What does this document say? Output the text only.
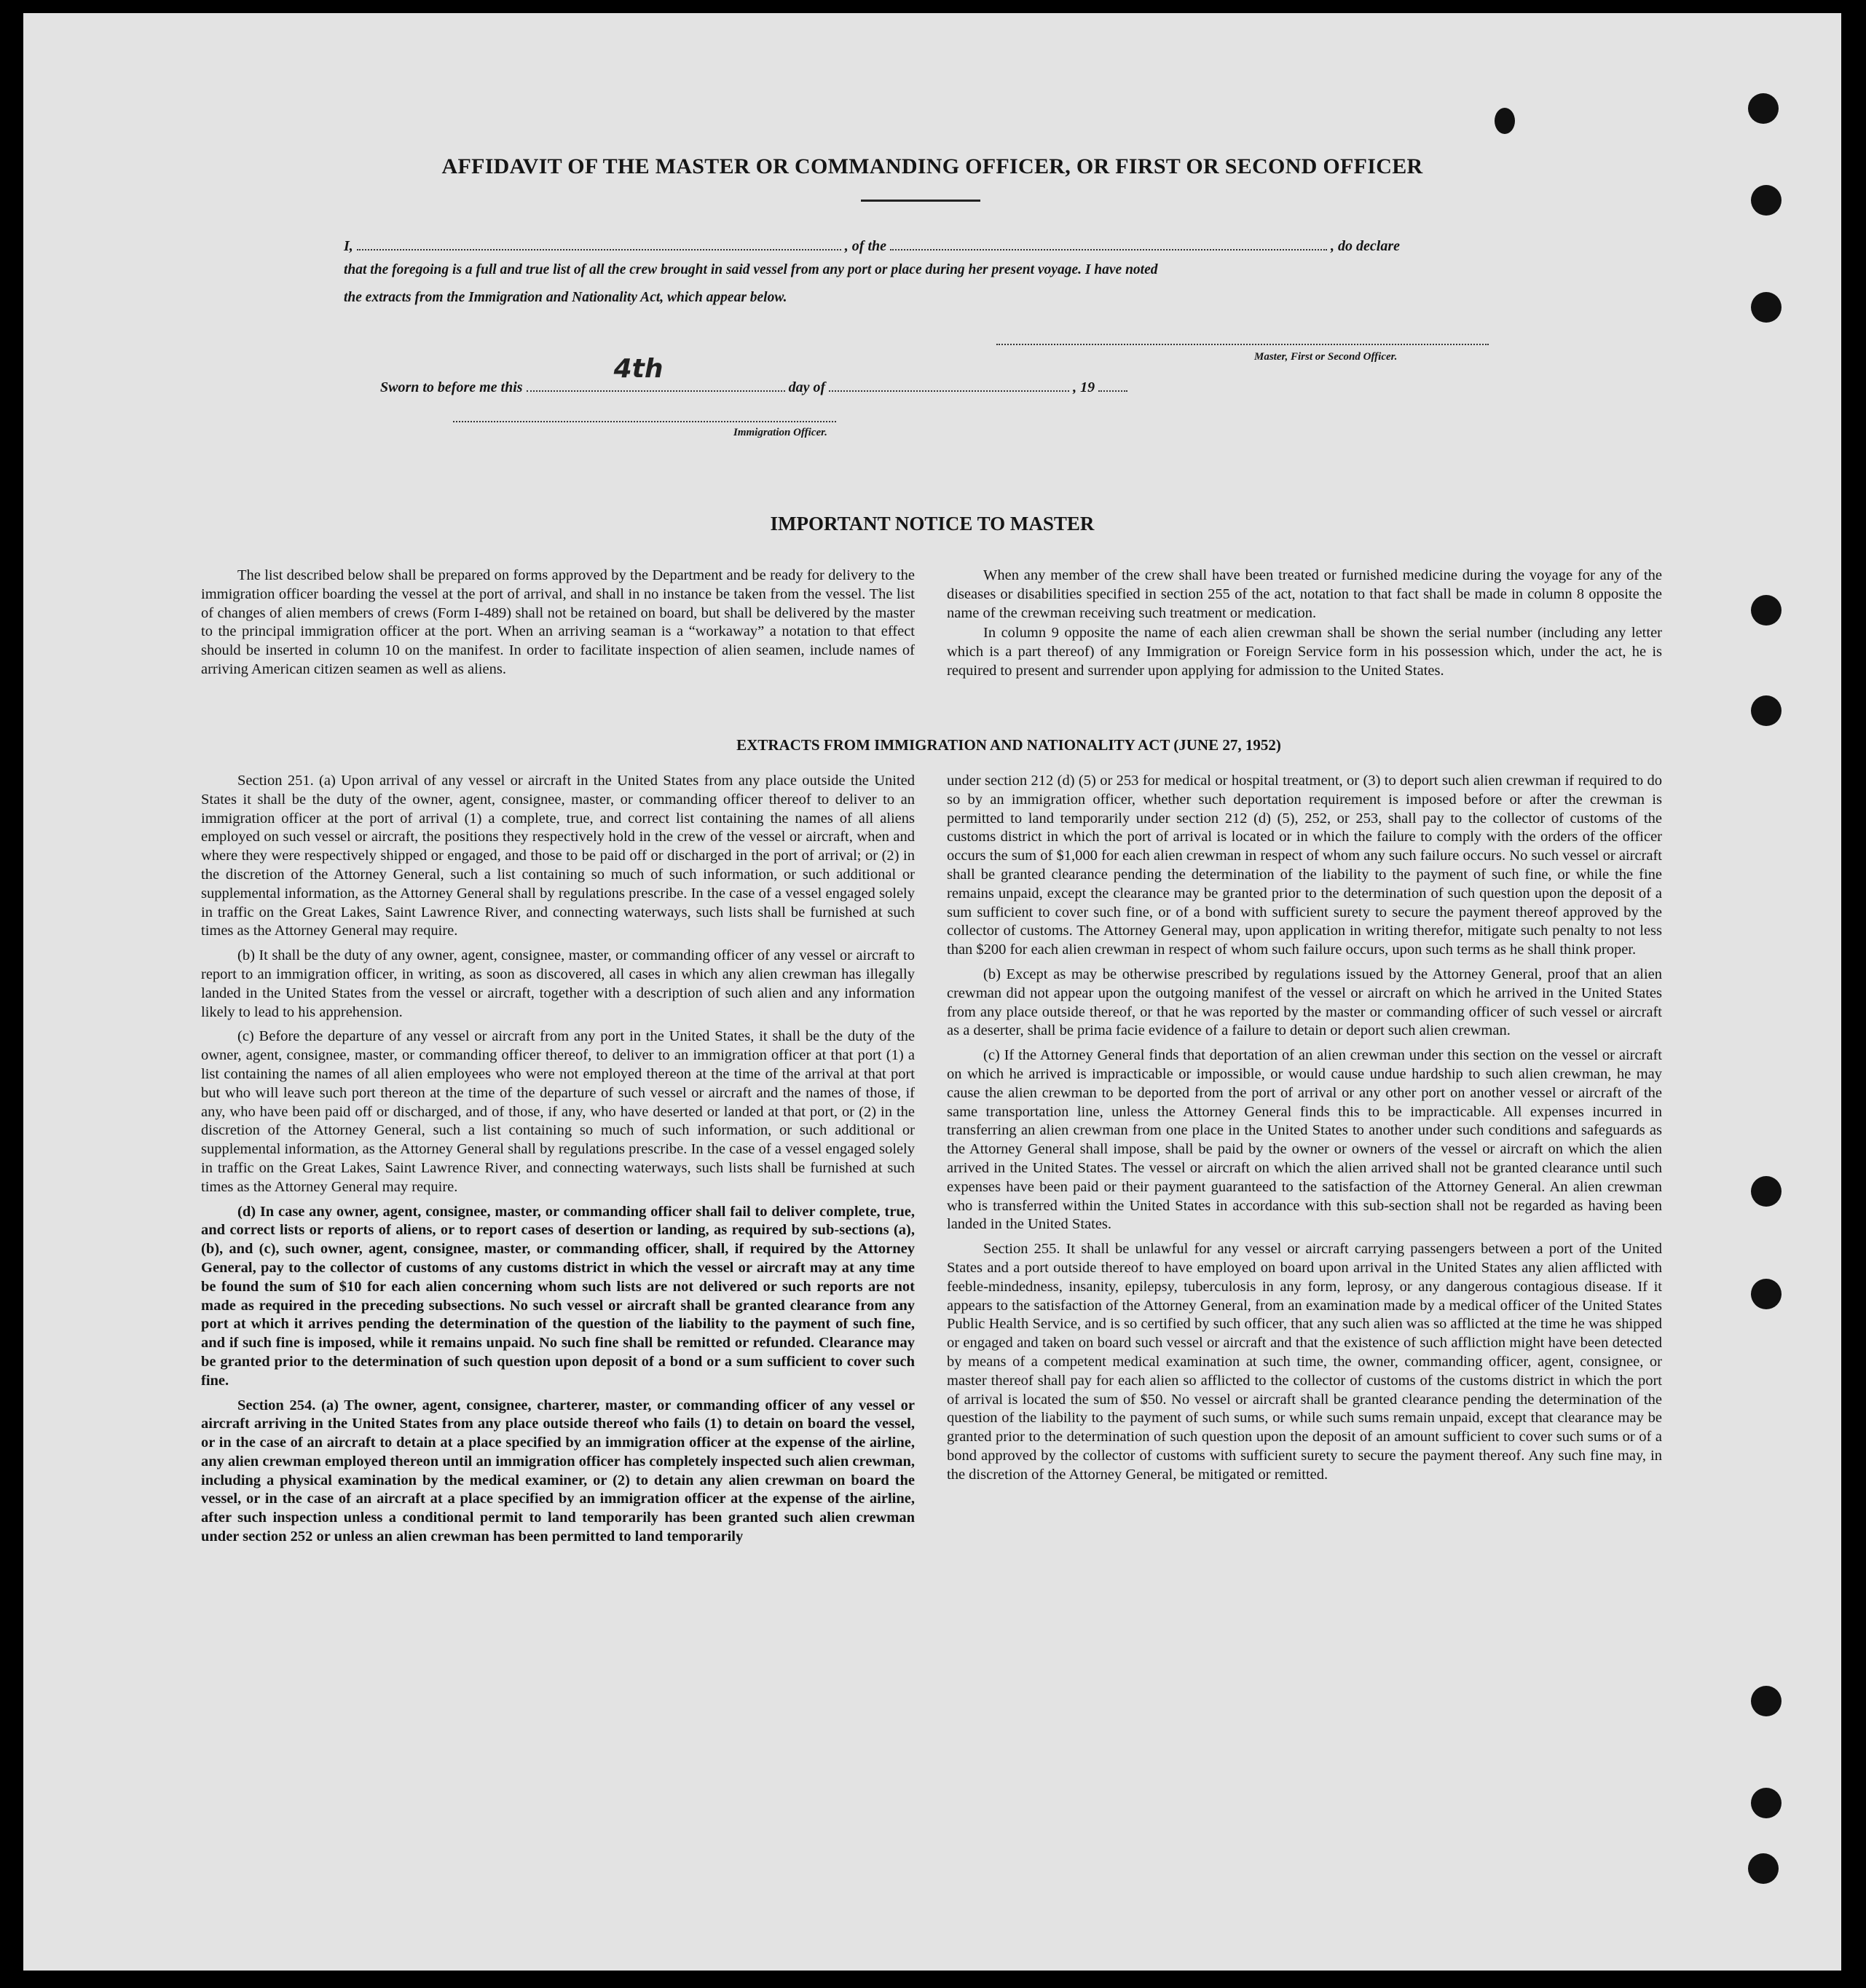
AFFIDAVIT OF THE MASTER OR COMMANDING OFFICER, OR FIRST OR SECOND OFFICER
I,	, of the	, do declare
that the foregoing is a full and true list of all the crew brought in said vessel from any port or place during her present voyage. I have noted
the extracts from the Immigration and Nationality Act, which appear below.
Master, First or Second Officer.
Sworn to before me this
4th
day of	, 19
Immigration Officer.
IMPORTANT NOTICE TO MASTER

The list described below shall be prepared on forms approved by the Department and be ready for delivery to the immigration officer boarding the vessel at the port of arrival, and shall in no instance be taken from the vessel. The list of changes of alien members of crews (Form I-489) shall not be retained on board, but shall be delivered by the master to the principal immigration officer at the port. When an arriving seaman is a “workaway” a notation to that effect should be inserted in column 10 on the manifest. In order to facilitate inspection of alien seamen, include names of arriving American citizen seamen as well as aliens.

When any member of the crew shall have been treated or furnished medicine during the voyage for any of the diseases or disabilities specified in section 255 of the act, notation to that fact shall be made in column 8 opposite the name of the crewman receiving such treatment or medication.

In column 9 opposite the name of each alien crewman shall be shown the serial number (including any letter which is a part thereof) of any Immigration or Foreign Service form in his possession which, under the act, he is required to present and surrender upon applying for admission to the United States.

EXTRACTS FROM IMMIGRATION AND NATIONALITY ACT (JUNE 27, 1952)

Section 251. (a) Upon arrival of any vessel or aircraft in the United States from any place outside the United States it shall be the duty of the owner, agent, consignee, master, or commanding officer thereof to deliver to an immigration officer at the port of arrival (1) a complete, true, and correct list containing the names of all aliens employed on such vessel or aircraft, the positions they respectively hold in the crew of the vessel or aircraft, when and where they were respectively shipped or engaged, and those to be paid off or discharged in the port of arrival; or (2) in the discretion of the Attorney General, such a list containing so much of such information, or such additional or supplemental information, as the Attorney General shall by regulations prescribe. In the case of a vessel engaged solely in traffic on the Great Lakes, Saint Lawrence River, and connecting waterways, such lists shall be furnished at such times as the Attorney General may require.

(b) It shall be the duty of any owner, agent, consignee, master, or commanding officer of any vessel or aircraft to report to an immigration officer, in writing, as soon as discovered, all cases in which any alien crewman has illegally landed in the United States from the vessel or aircraft, together with a description of such alien and any information likely to lead to his apprehension.

(c) Before the departure of any vessel or aircraft from any port in the United States, it shall be the duty of the owner, agent, consignee, master, or commanding officer thereof, to deliver to an immigration officer at that port (1) a list containing the names of all alien employees who were not employed thereon at the time of the arrival at that port but who will leave such port thereon at the time of the departure of such vessel or aircraft and the names of those, if any, who have been paid off or discharged, and of those, if any, who have deserted or landed at that port, or (2) in the discretion of the Attorney General, such a list containing so much of such information, or such additional or supplemental information, as the Attorney General shall by regulations prescribe. In the case of a vessel engaged solely in traffic on the Great Lakes, Saint Lawrence River, and connecting waterways, such lists shall be furnished at such times as the Attorney General may require.

(d) In case any owner, agent, consignee, master, or commanding officer shall fail to deliver complete, true, and correct lists or reports of aliens, or to report cases of desertion or landing, as required by sub-sections (a), (b), and (c), such owner, agent, consignee, master, or commanding officer, shall, if required by the Attorney General, pay to the collector of customs of any customs district in which the vessel or aircraft may at any time be found the sum of $10 for each alien concerning whom such lists are not delivered or such reports are not made as required in the preceding subsections. No such vessel or aircraft shall be granted clearance from any port at which it arrives pending the determination of the question of the liability to the payment of such fine, and if such fine is imposed, while it remains unpaid. No such fine shall be remitted or refunded. Clearance may be granted prior to the determination of such question upon deposit of a bond or a sum sufficient to cover such fine.

Section 254. (a) The owner, agent, consignee, charterer, master, or commanding officer of any vessel or aircraft arriving in the United States from any place outside thereof who fails (1) to detain on board the vessel, or in the case of an aircraft to detain at a place specified by an immigration officer at the expense of the airline, any alien crewman employed thereon until an immigration officer has completely inspected such alien crewman, including a physical examination by the medical examiner, or (2) to detain any alien crewman on board the vessel, or in the case of an aircraft at a place specified by an immigration officer at the expense of the airline, after such inspection unless a conditional permit to land temporarily has been granted such alien crewman under section 252 or unless an alien crewman has been permitted to land temporarily

under section 212 (d) (5) or 253 for medical or hospital treatment, or (3) to deport such alien crewman if required to do so by an immigration officer, whether such deportation requirement is imposed before or after the crewman is permitted to land temporarily under section 212 (d) (5), 252, or 253, shall pay to the collector of customs of the customs district in which the port of arrival is located or in which the failure to comply with the orders of the officer occurs the sum of $1,000 for each alien crewman in respect of whom any such failure occurs. No such vessel or aircraft shall be granted clearance pending the determination of the liability to the payment of such fine, or while the fine remains unpaid, except the clearance may be granted prior to the determination of such question upon the deposit of a sum sufficient to cover such fine, or of a bond with sufficient surety to secure the payment thereof approved by the collector of customs. The Attorney General may, upon application in writing therefor, mitigate such penalty to not less than $200 for each alien crewman in respect of whom such failure occurs, upon such terms as he shall think proper.

(b) Except as may be otherwise prescribed by regulations issued by the Attorney General, proof that an alien crewman did not appear upon the outgoing manifest of the vessel or aircraft on which he arrived in the United States from any place outside thereof, or that he was reported by the master or commanding officer of such vessel or aircraft as a deserter, shall be prima facie evidence of a failure to detain or deport such alien crewman.

(c) If the Attorney General finds that deportation of an alien crewman under this section on the vessel or aircraft on which he arrived is impracticable or impossible, or would cause undue hardship to such alien crewman, he may cause the alien crewman to be deported from the port of arrival or any other port on another vessel or aircraft of the same transportation line, unless the Attorney General finds this to be impracticable. All expenses incurred in transferring an alien crewman from one place in the United States to another under such conditions and safeguards as the Attorney General shall impose, shall be paid by the owner or owners of the vessel or aircraft on which the alien arrived in the United States. The vessel or aircraft on which the alien arrived shall not be granted clearance until such expenses have been paid or their payment guaranteed to the satisfaction of the Attorney General. An alien crewman who is transferred within the United States in accordance with this sub-section shall not be regarded as having been landed in the United States.

Section 255. It shall be unlawful for any vessel or aircraft carrying passengers between a port of the United States and a port outside thereof to have employed on board upon arrival in the United States any alien afflicted with feeble-mindedness, insanity, epilepsy, tuberculosis in any form, leprosy, or any dangerous contagious disease. If it appears to the satisfaction of the Attorney General, from an examination made by a medical officer of the United States Public Health Service, and is so certified by such officer, that any such alien was so afflicted at the time he was shipped or engaged and taken on board such vessel or aircraft and that the existence of such affliction might have been detected by means of a competent medical examination at such time, the owner, commanding officer, agent, consignee, or master thereof shall pay for each alien so afflicted to the collector of customs of the customs district in which the port of arrival is located the sum of $50. No vessel or aircraft shall be granted clearance pending the determination of the question of the liability to the payment of such sums, or while such sums remain unpaid, except that clearance may be granted prior to the determination of such question upon the deposit of an amount sufficient to cover such sums or of a bond approved by the collector of customs with sufficient surety to secure the payment thereof. Any such fine may, in the discretion of the Attorney General, be mitigated or remitted.
